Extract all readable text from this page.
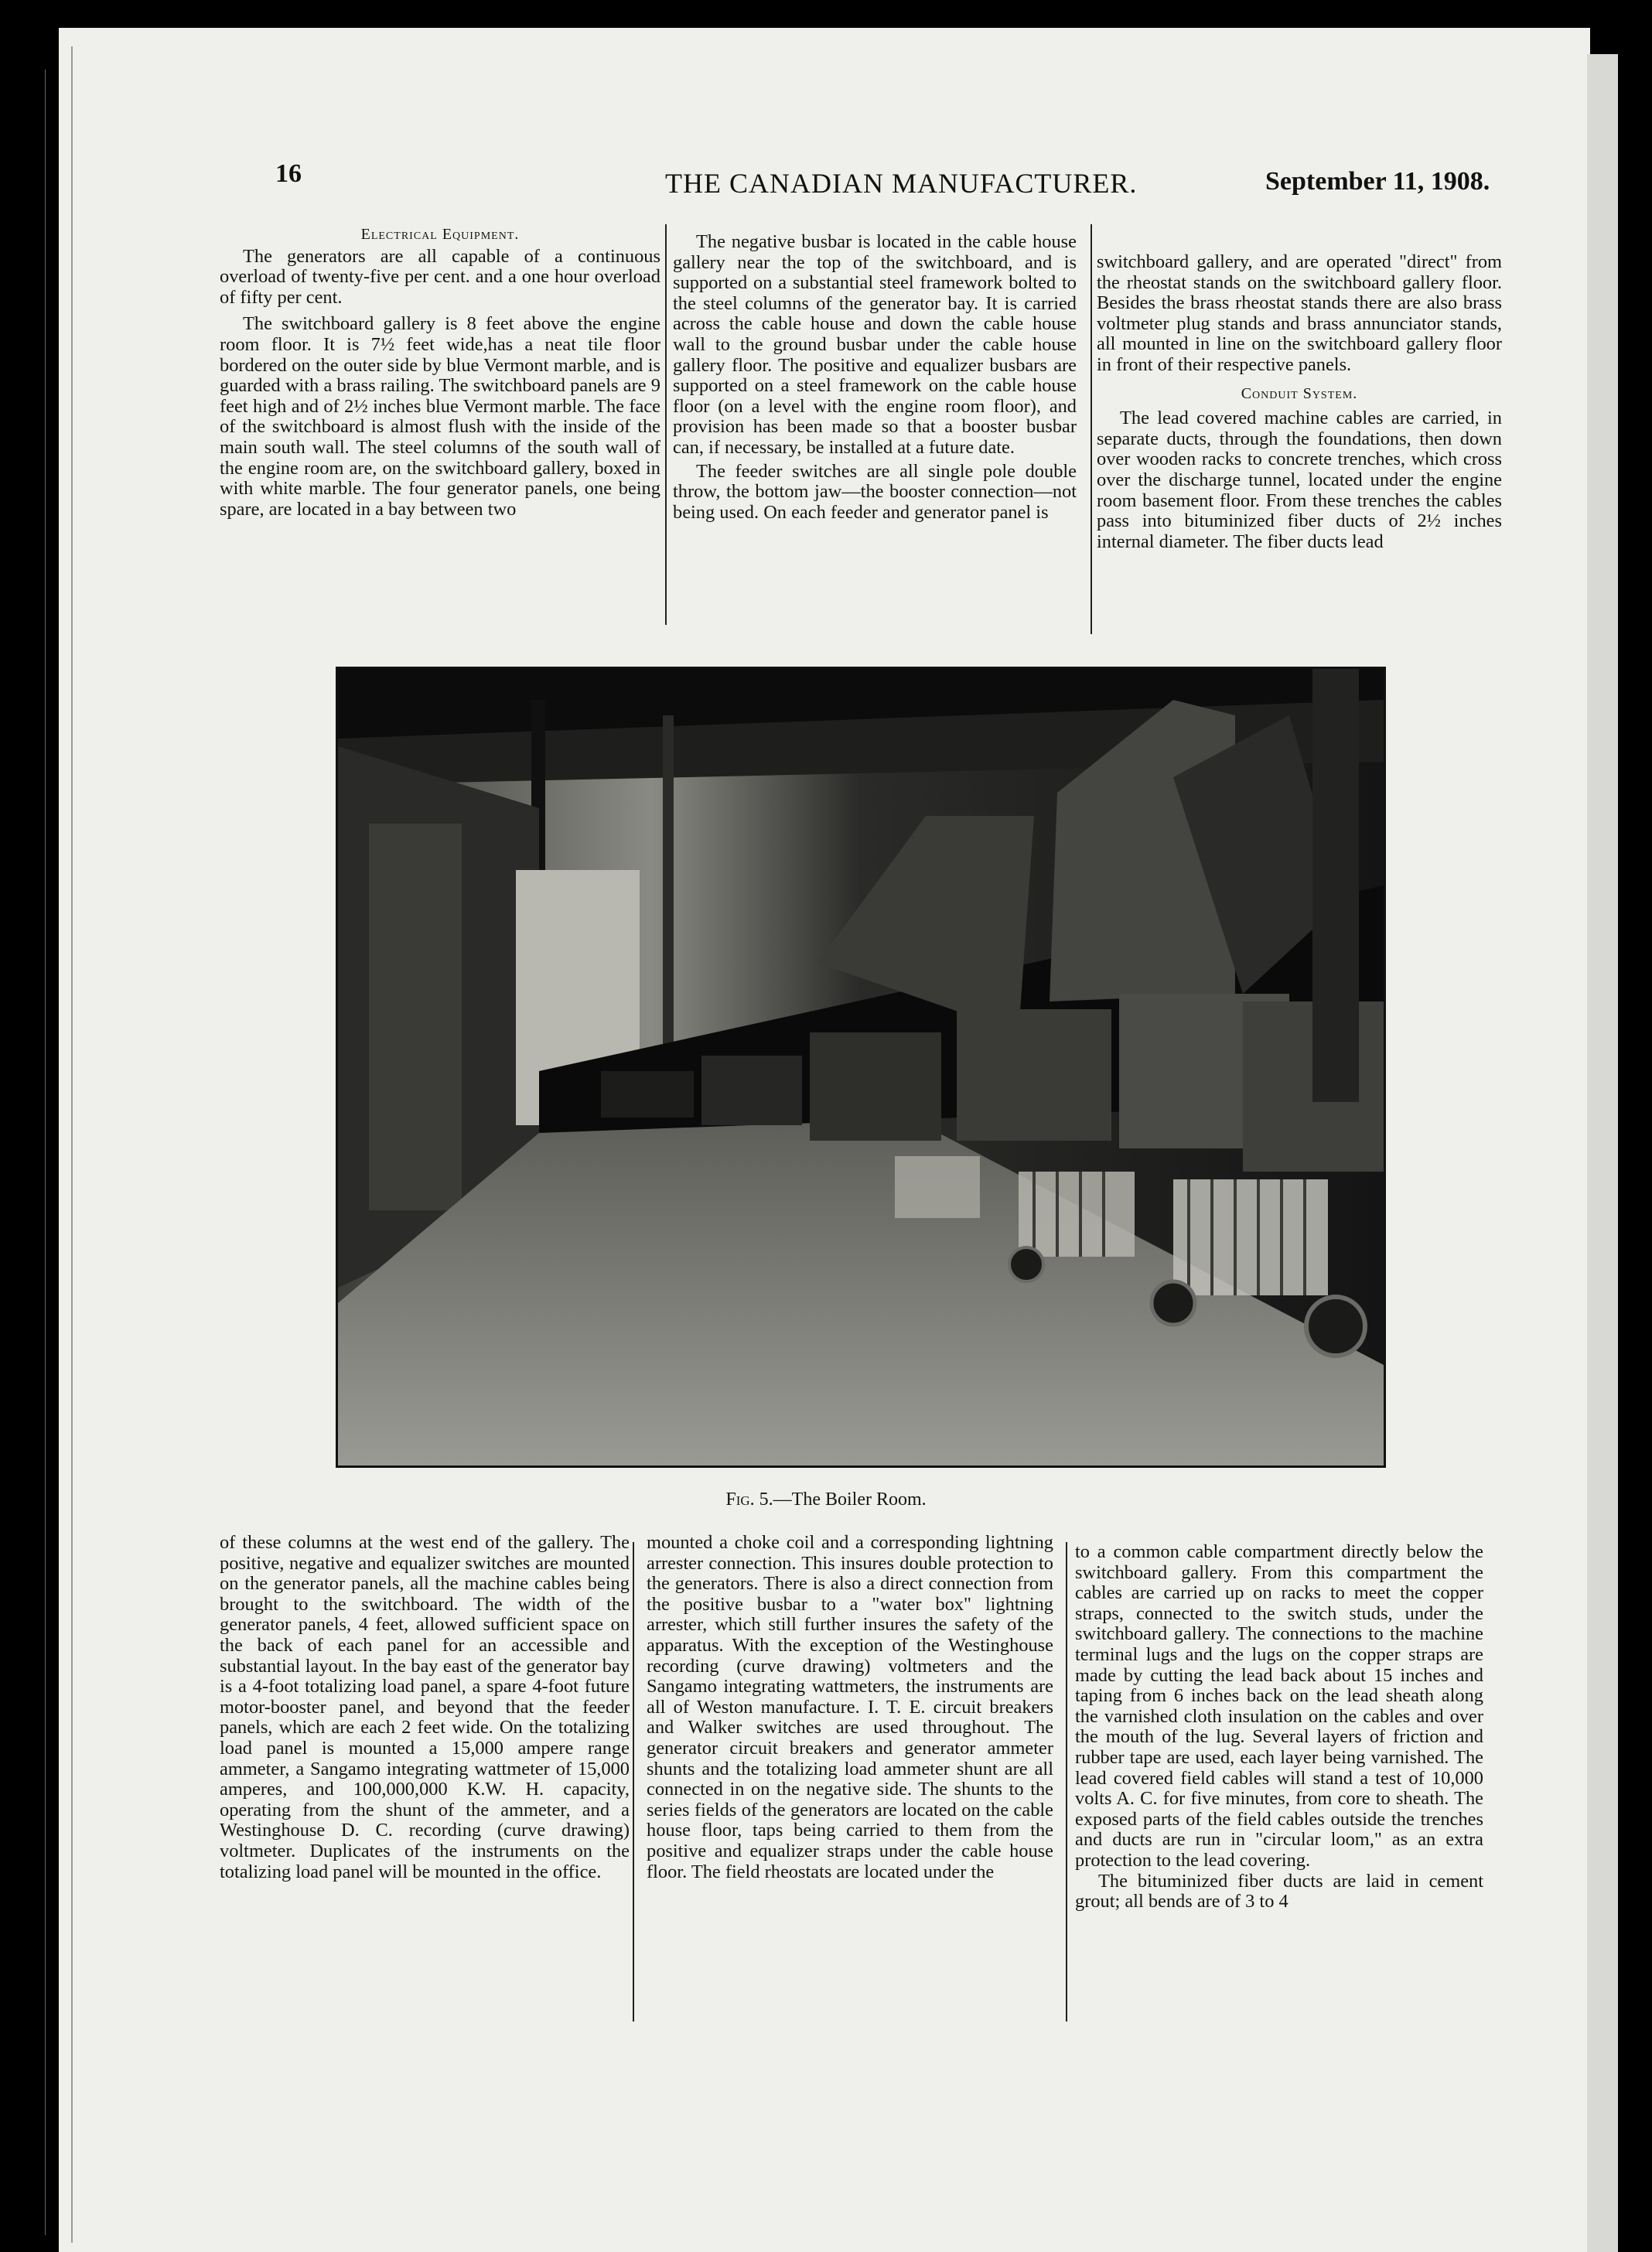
16	THE CANADIAN MANUFACTURER.	September 11, 1908.
Electrical Equipment.

The generators are all capable of a continuous overload of twenty-five per cent. and a one hour overload of fifty per cent.

The switchboard gallery is 8 feet above the engine room floor. It is 7½ feet wide,has a neat tile floor bordered on the outer side by blue Vermont marble, and is guarded with a brass railing. The switchboard panels are 9 feet high and of 2½ inches blue Vermont marble. The face of the switchboard is almost flush with the inside of the main south wall. The steel columns of the south wall of the engine room are, on the switchboard gallery, boxed in with white marble. The four generator panels, one being spare, are located in a bay between two

The negative busbar is located in the cable house gallery near the top of the switchboard, and is supported on a substantial steel framework bolted to the steel columns of the generator bay. It is carried across the cable house and down the cable house wall to the ground busbar under the cable house gallery floor. The positive and equalizer busbars are supported on a steel framework on the cable house floor (on a level with the engine room floor), and provision has been made so that a booster busbar can, if necessary, be installed at a future date.

The feeder switches are all single pole double throw, the bottom jaw—the booster connection—not being used. On each feeder and generator panel is

switchboard gallery, and are operated "direct" from the rheostat stands on the switchboard gallery floor. Besides the brass rheostat stands there are also brass voltmeter plug stands and brass annunciator stands, all mounted in line on the switchboard gallery floor in front of their respective panels.

Conduit System.

The lead covered machine cables are carried, in separate ducts, through the foundations, then down over wooden racks to concrete trenches, which cross over the discharge tunnel, located under the engine room basement floor. From these trenches the cables pass into bituminized fiber ducts of 2½ inches internal diameter. The fiber ducts lead

Fig. 5.—The Boiler Room.

of these columns at the west end of the gallery. The positive, negative and equalizer switches are mounted on the generator panels, all the machine cables being brought to the switchboard. The width of the generator panels, 4 feet, allowed sufficient space on the back of each panel for an accessible and substantial layout. In the bay east of the generator bay is a 4-foot totalizing load panel, a spare 4-foot future motor-booster panel, and beyond that the feeder panels, which are each 2 feet wide. On the totalizing load panel is mounted a 15,000 ampere range ammeter, a Sangamo integrating wattmeter of 15,000 amperes, and 100,000,000 K.W. H. capacity, operating from the shunt of the ammeter, and a Westinghouse D. C. recording (curve drawing) voltmeter. Duplicates of the instruments on the totalizing load panel will be mounted in the office.

mounted a choke coil and a corresponding lightning arrester connection. This insures double protection to the generators. There is also a direct connection from the positive busbar to a "water box" lightning arrester, which still further insures the safety of the apparatus. With the exception of the Westinghouse recording (curve drawing) voltmeters and the Sangamo integrating wattmeters, the instruments are all of Weston manufacture. I. T. E. circuit breakers and Walker switches are used throughout. The generator circuit breakers and generator ammeter shunts and the totalizing load ammeter shunt are all connected in on the negative side. The shunts to the series fields of the generators are located on the cable house floor, taps being carried to them from the positive and equalizer straps under the cable house floor. The field rheostats are located under the

to a common cable compartment directly below the switchboard gallery. From this compartment the cables are carried up on racks to meet the copper straps, connected to the switch studs, under the switchboard gallery. The connections to the machine terminal lugs and the lugs on the copper straps are made by cutting the lead back about 15 inches and taping from 6 inches back on the lead sheath along the varnished cloth insulation on the cables and over the mouth of the lug. Several layers of friction and rubber tape are used, each layer being varnished. The lead covered field cables will stand a test of 10,000 volts A. C. for five minutes, from core to sheath. The exposed parts of the field cables outside the trenches and ducts are run in "circular loom," as an extra protection to the lead covering.

The bituminized fiber ducts are laid in cement grout; all bends are of 3 to 4
